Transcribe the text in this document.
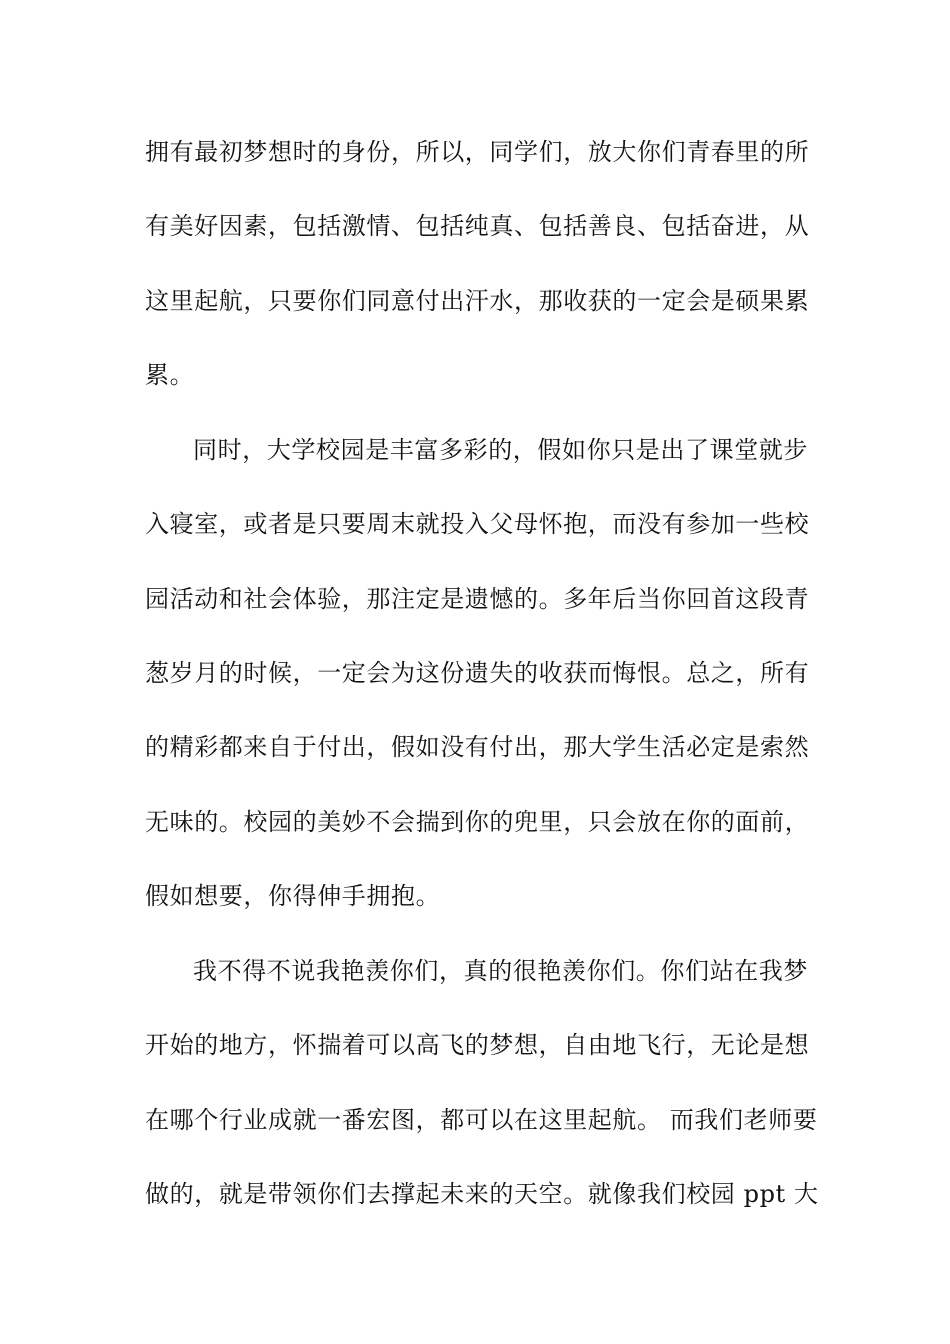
拥有最初梦想时的身份，所以，同学们，放大你们青春里的所
有美好因素，包括激情、包括纯真、包括善良、包括奋进，从
这里起航，只要你们同意付出汗水，那收获的一定会是硕果累
累。
同时，大学校园是丰富多彩的，假如你只是出了课堂就步
入寝室，或者是只要周末就投入父母怀抱，而没有参加一些校
园活动和社会体验，那注定是遗憾的。多年后当你回首这段青
葱岁月的时候，一定会为这份遗失的收获而悔恨。总之，所有
的精彩都来自于付出，假如没有付出，那大学生活必定是索然
无味的。校园的美妙不会揣到你的兜里，只会放在你的面前，
假如想要，你得伸手拥抱。
我不得不说我艳羡你们，真的很艳羡你们。你们站在我梦
开始的地方，怀揣着可以高飞的梦想，自由地飞行，无论是想
在哪个行业成就一番宏图，都可以在这里起航。 而我们老师要
做的，就是带领你们去撑起未来的天空。就像我们校园 ppt 大
